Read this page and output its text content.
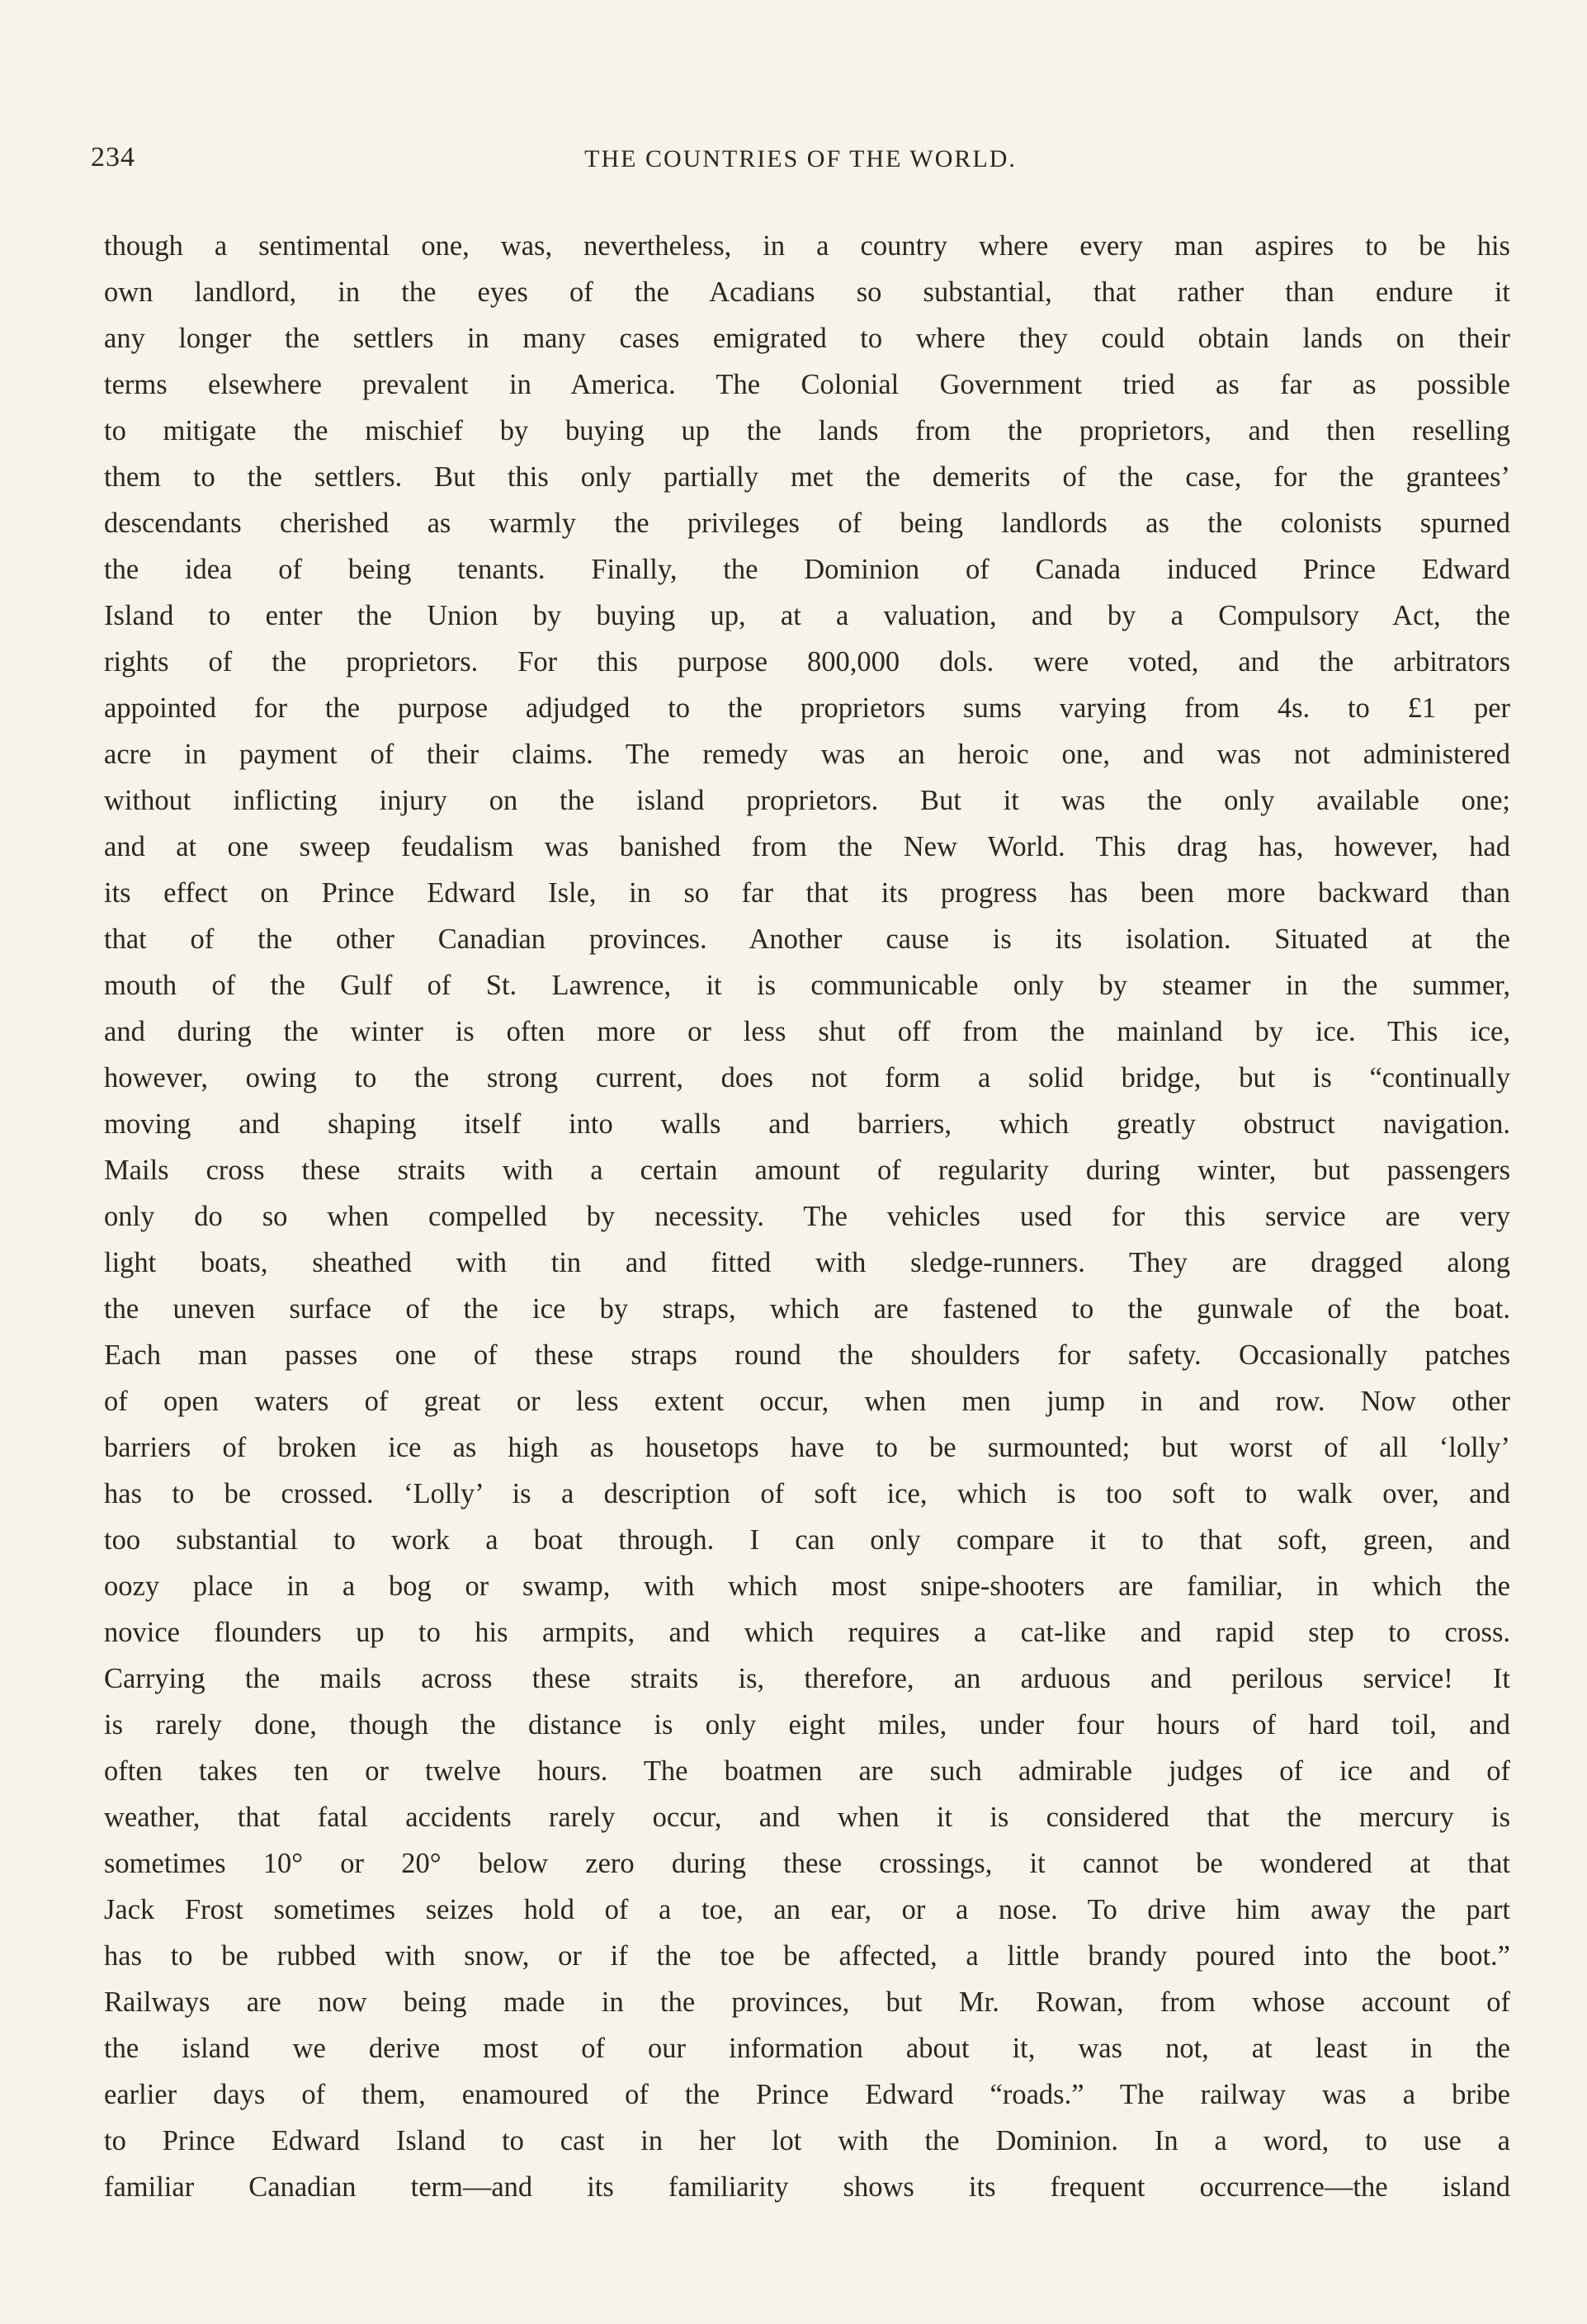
234	THE COUNTRIES OF THE WORLD.
though a sentimental one, was, nevertheless, in a country where every man aspires to be his
own landlord, in the eyes of the Acadians so substantial, that rather than endure it
any longer the settlers in many cases emigrated to where they could obtain lands on their
terms elsewhere prevalent in America. The Colonial Government tried as far as possible
to mitigate the mischief by buying up the lands from the proprietors, and then reselling
them to the settlers. But this only partially met the demerits of the case, for the grantees’
descendants cherished as warmly the privileges of being landlords as the colonists spurned
the idea of being tenants. Finally, the Dominion of Canada induced Prince Edward
Island to enter the Union by buying up, at a valuation, and by a Compulsory Act, the
rights of the proprietors. For this purpose 800,000 dols. were voted, and the arbitrators
appointed for the purpose adjudged to the proprietors sums varying from 4s. to £1 per
acre in payment of their claims. The remedy was an heroic one, and was not administered
without inflicting injury on the island proprietors. But it was the only available one;
and at one sweep feudalism was banished from the New World. This drag has, however, had
its effect on Prince Edward Isle, in so far that its progress has been more backward than
that of the other Canadian provinces. Another cause is its isolation. Situated at the
mouth of the Gulf of St. Lawrence, it is communicable only by steamer in the summer,
and during the winter is often more or less shut off from the mainland by ice. This ice,
however, owing to the strong current, does not form a solid bridge, but is “continually
moving and shaping itself into walls and barriers, which greatly obstruct navigation.
Mails cross these straits with a certain amount of regularity during winter, but passengers
only do so when compelled by necessity. The vehicles used for this service are very
light boats, sheathed with tin and fitted with sledge-runners. They are dragged along
the uneven surface of the ice by straps, which are fastened to the gunwale of the boat.
Each man passes one of these straps round the shoulders for safety. Occasionally patches
of open waters of great or less extent occur, when men jump in and row. Now other
barriers of broken ice as high as housetops have to be surmounted; but worst of all ‘lolly’
has to be crossed. ‘Lolly’ is a description of soft ice, which is too soft to walk over, and
too substantial to work a boat through. I can only compare it to that soft, green, and
oozy place in a bog or swamp, with which most snipe-shooters are familiar, in which the
novice flounders up to his armpits, and which requires a cat-like and rapid step to cross.
Carrying the mails across these straits is, therefore, an arduous and perilous service! It
is rarely done, though the distance is only eight miles, under four hours of hard toil, and
often takes ten or twelve hours. The boatmen are such admirable judges of ice and of
weather, that fatal accidents rarely occur, and when it is considered that the mercury is
sometimes 10° or 20° below zero during these crossings, it cannot be wondered at that
Jack Frost sometimes seizes hold of a toe, an ear, or a nose. To drive him away the part
has to be rubbed with snow, or if the toe be affected, a little brandy poured into the boot.”
Railways are now being made in the provinces, but Mr. Rowan, from whose account of
the island we derive most of our information about it, was not, at least in the
earlier days of them, enamoured of the Prince Edward “roads.” The railway was a bribe
to Prince Edward Island to cast in her lot with the Dominion. In a word, to use a
familiar Canadian term—and its familiarity shows its frequent occurrence—the island
